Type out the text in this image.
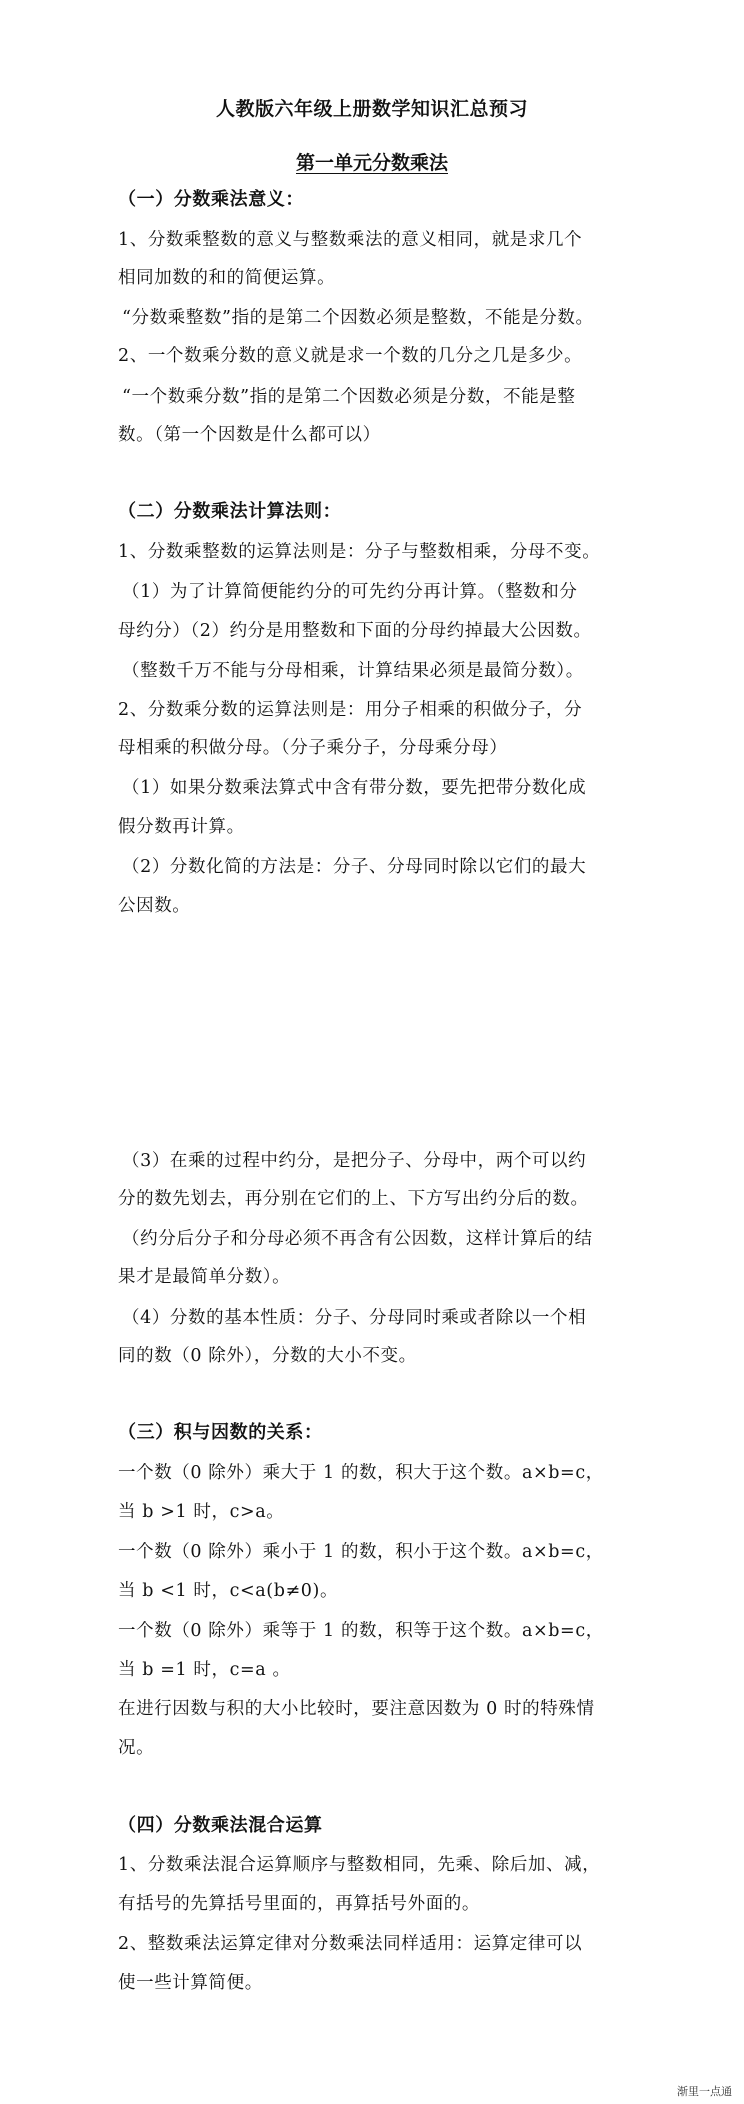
人教版六年级上册数学知识汇总预习
第一单元分数乘法
（一）分数乘法意义：
1、分数乘整数的意义与整数乘法的意义相同，就是求几个
相同加数的和的简便运算。
“分数乘整数”指的是第二个因数必须是整数，不能是分数。
2、一个数乘分数的意义就是求一个数的几分之几是多少。
“一个数乘分数”指的是第二个因数必须是分数，不能是整
数。（第一个因数是什么都可以）
（二）分数乘法计算法则：
1、分数乘整数的运算法则是：分子与整数相乘，分母不变。
（1）为了计算简便能约分的可先约分再计算。（整数和分
母约分）（2）约分是用整数和下面的分母约掉最大公因数。
（整数千万不能与分母相乘，计算结果必须是最简分数）。
2、分数乘分数的运算法则是：用分子相乘的积做分子，分
母相乘的积做分母。（分子乘分子，分母乘分母）
（1）如果分数乘法算式中含有带分数，要先把带分数化成
假分数再计算。
（2）分数化简的方法是：分子、分母同时除以它们的最大
公因数。
（3）在乘的过程中约分，是把分子、分母中，两个可以约
分的数先划去，再分别在它们的上、下方写出约分后的数。
（约分后分子和分母必须不再含有公因数，这样计算后的结
果才是最简单分数）。
（4）分数的基本性质：分子、分母同时乘或者除以一个相
同的数（0 除外），分数的大小不变。
（三）积与因数的关系：
一个数（0 除外）乘大于 1 的数，积大于这个数。a×b=c，
当 b >1 时，c>a。
一个数（0 除外）乘小于 1 的数，积小于这个数。a×b=c，
当 b <1 时，c<a(b≠0)。
一个数（0 除外）乘等于 1 的数，积等于这个数。a×b=c，
当 b =1 时，c=a 。
在进行因数与积的大小比较时，要注意因数为 0 时的特殊情
况。
（四）分数乘法混合运算
1、分数乘法混合运算顺序与整数相同，先乘、除后加、减，
有括号的先算括号里面的，再算括号外面的。
2、整数乘法运算定律对分数乘法同样适用：运算定律可以
使一些计算简便。
渐里一点通
